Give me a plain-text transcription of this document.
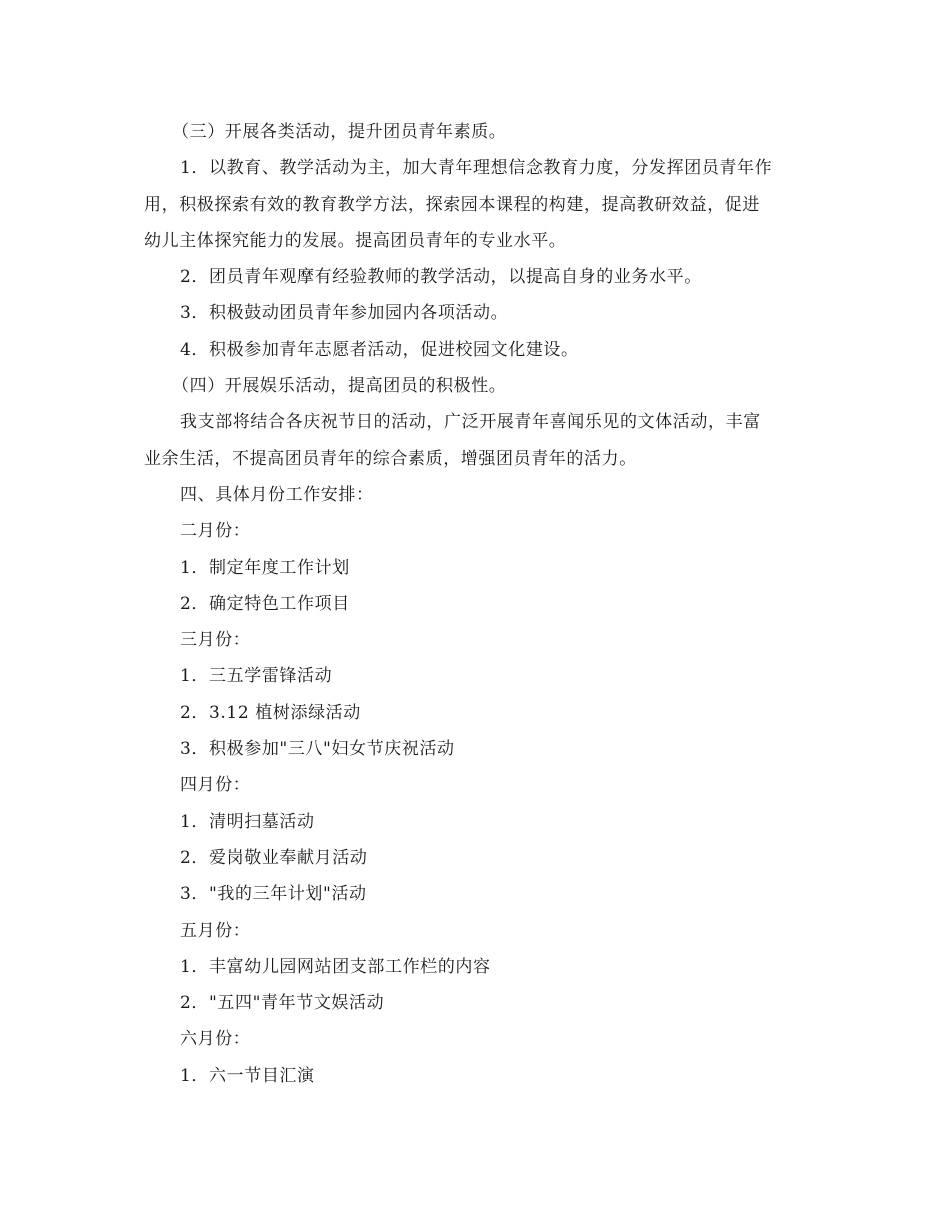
（三）开展各类活动，提升团员青年素质。
1．以教育、教学活动为主，加大青年理想信念教育力度，分发挥团员青年作
用，积极探索有效的教育教学方法，探索园本课程的构建，提高教研效益，促进
幼儿主体探究能力的发展。提高团员青年的专业水平。
2．团员青年观摩有经验教师的教学活动，以提高自身的业务水平。
3．积极鼓动团员青年参加园内各项活动。
4．积极参加青年志愿者活动，促进校园文化建设。
（四）开展娱乐活动，提高团员的积极性。
我支部将结合各庆祝节日的活动，广泛开展青年喜闻乐见的文体活动，丰富
业余生活，不提高团员青年的综合素质，增强团员青年的活力。
四、具体月份工作安排：
二月份：
1．制定年度工作计划
2．确定特色工作项目
三月份：
1．三五学雷锋活动
2．3.12 植树添绿活动
3．积极参加"三八"妇女节庆祝活动
四月份：
1．清明扫墓活动
2．爱岗敬业奉献月活动
3．"我的三年计划"活动
五月份：
1．丰富幼儿园网站团支部工作栏的内容
2．"五四"青年节文娱活动
六月份：
1．六一节目汇演
